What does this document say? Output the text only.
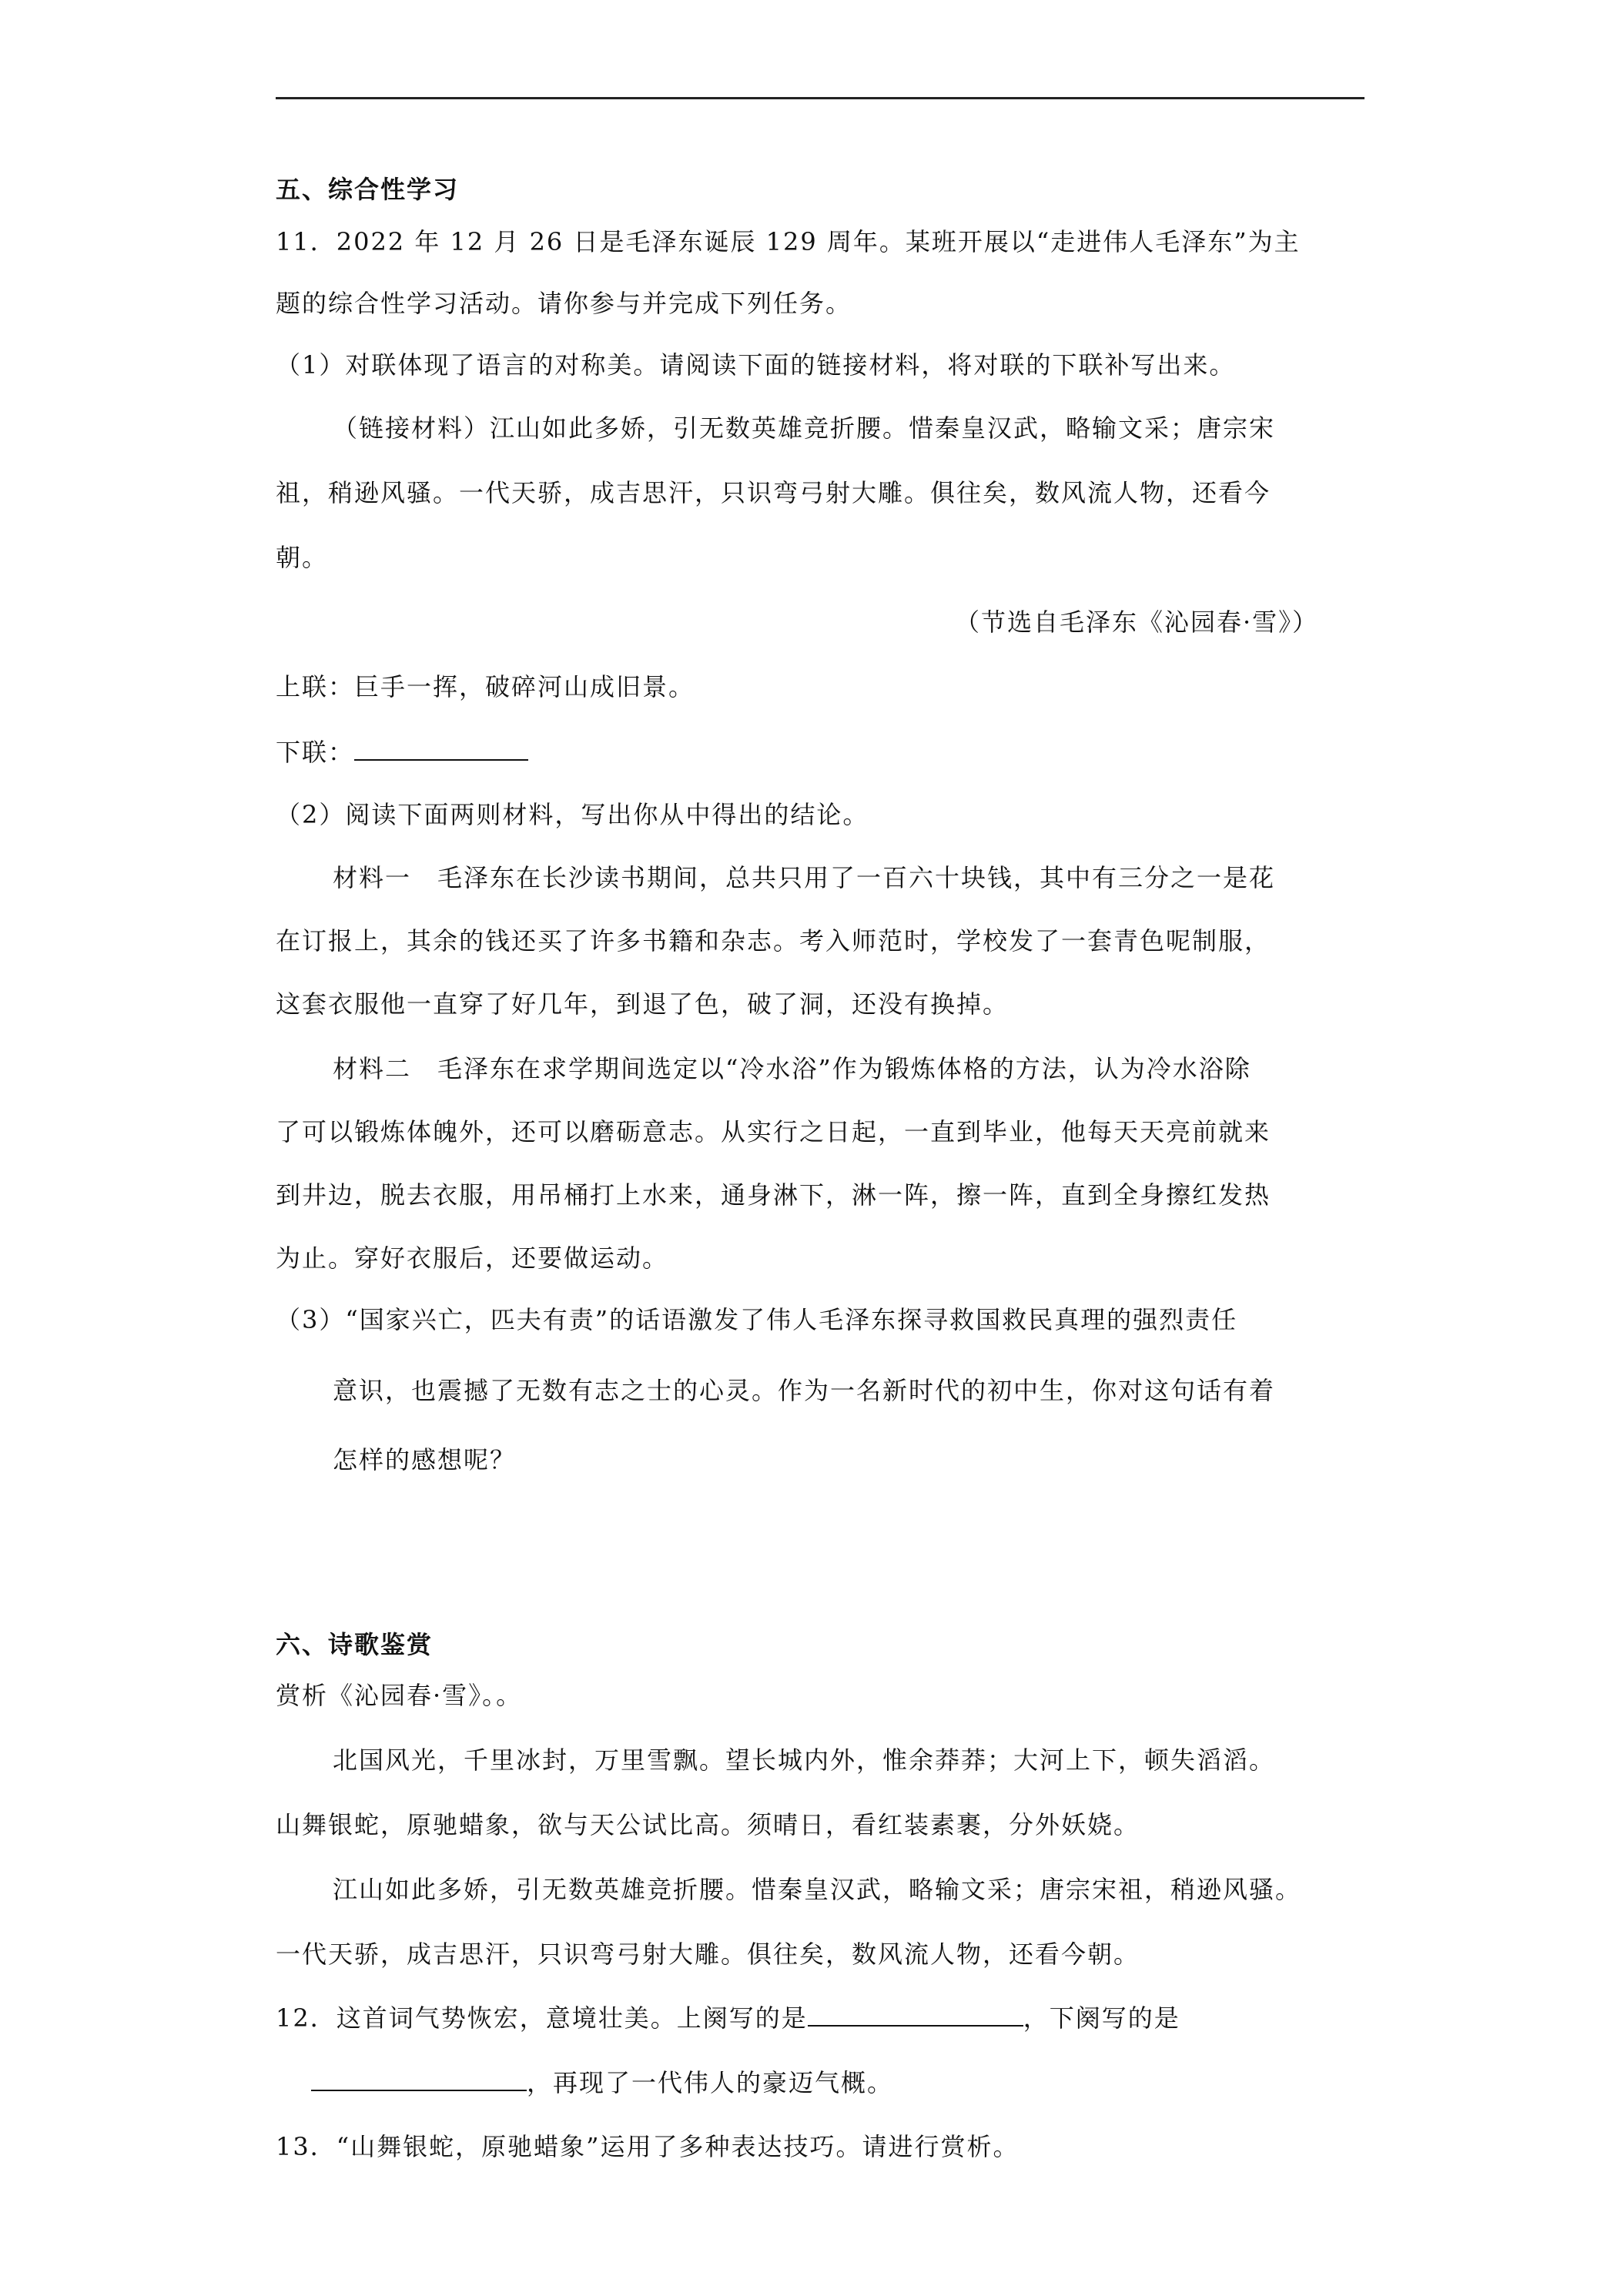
五、综合性学习
11．2022 年 12 月 26 日是毛泽东诞辰 129 周年。某班开展以“走进伟人毛泽东”为主
题的综合性学习活动。请你参与并完成下列任务。
（1）对联体现了语言的对称美。请阅读下面的链接材料，将对联的下联补写出来。
（链接材料）江山如此多娇，引无数英雄竞折腰。惜秦皇汉武，略输文采；唐宗宋
祖，稍逊风骚。一代天骄，成吉思汗，只识弯弓射大雕。俱往矣，数风流人物，还看今
朝。
（节选自毛泽东《沁园春·雪》）
上联：巨手一挥，破碎河山成旧景。
下联：
（2）阅读下面两则材料，写出你从中得出的结论。
材料一　毛泽东在长沙读书期间，总共只用了一百六十块钱，其中有三分之一是花
在订报上，其余的钱还买了许多书籍和杂志。考入师范时，学校发了一套青色呢制服，
这套衣服他一直穿了好几年，到退了色，破了洞，还没有换掉。
材料二　毛泽东在求学期间选定以“冷水浴”作为锻炼体格的方法，认为冷水浴除
了可以锻炼体魄外，还可以磨砺意志。从实行之日起，一直到毕业，他每天天亮前就来
到井边，脱去衣服，用吊桶打上水来，通身淋下，淋一阵，擦一阵，直到全身擦红发热
为止。穿好衣服后，还要做运动。
（3）“国家兴亡，匹夫有责”的话语激发了伟人毛泽东探寻救国救民真理的强烈责任
意识，也震撼了无数有志之士的心灵。作为一名新时代的初中生，你对这句话有着
怎样的感想呢？
六、诗歌鉴赏
赏析《沁园春·雪》。。
北国风光，千里冰封，万里雪飘。望长城内外，惟余莽莽；大河上下，顿失滔滔。
山舞银蛇，原驰蜡象，欲与天公试比高。须晴日，看红装素裹，分外妖娆。
江山如此多娇，引无数英雄竞折腰。惜秦皇汉武，略输文采；唐宗宋祖，稍逊风骚。
一代天骄，成吉思汗，只识弯弓射大雕。俱往矣，数风流人物，还看今朝。
12．这首词气势恢宏，意境壮美。上阕写的是	，下阕写的是
，再现了一代伟人的豪迈气概。
13．“山舞银蛇，原驰蜡象”运用了多种表达技巧。请进行赏析。
